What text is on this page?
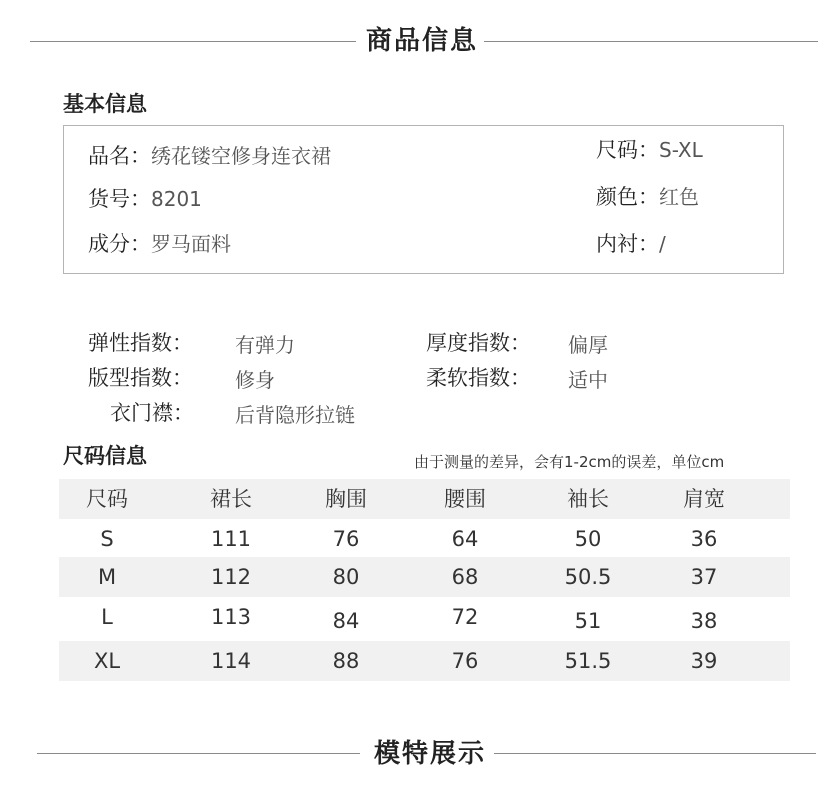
商品信息
基本信息
品名：绣花镂空修身连衣裙	尺码：S-XL
货号：8201	颜色：红色
成分：罗马面料	内衬：/
弹性指数： 有弹力	厚度指数： 偏厚
版型指数： 修身	柔软指数： 适中
衣门襟： 后背隐形拉链
尺码信息	由于测量的差异，会有1-2cm的误差，单位cm
尺码	裙长	胸围	腰围	袖长	肩宽
S	111	76	64	50	36
M	112	80	68	50.5	37
L	113	84	72	51	38
XL	114	88	76	51.5	39
模特展示
